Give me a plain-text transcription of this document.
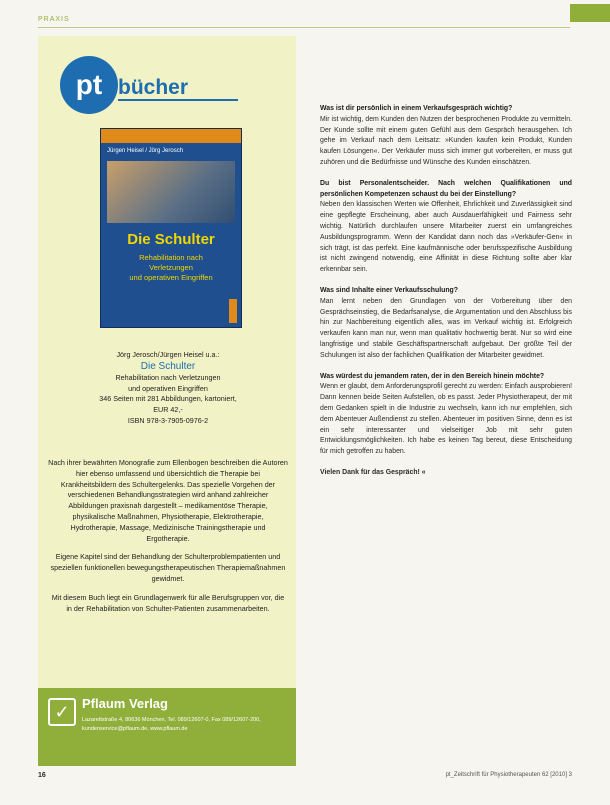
PRAXIS
pt bücher
Jürgen Heisel / Jörg Jerosch
Die Schulter
Rehabilitation nach
Verletzungen
und operativen Eingriffen
Jörg Jerosch/Jürgen Heisel u.a.:
Die Schulter
Rehabilitation nach Verletzungen
und operativen Eingriffen
346 Seiten mit 281 Abbildungen, kartoniert,
EUR 42,-
ISBN 978-3-7905-0976-2

Nach ihrer bewährten Monografie zum Ellenbogen beschreiben die Autoren hier ebenso umfassend und übersichtlich die Therapie bei Krankheitsbildern des Schultergelenks. Das spezielle Vorgehen der verschiedenen Behandlungsstrategien wird anhand zahlreicher Abbildungen praxisnah dargestellt – medikamentöse Therapie, physikalische Maßnahmen, Physiotherapie, Elektrotherapie, Hydrotherapie, Massage, Medizinische Trainingstherapie und Ergotherapie.

Eigene Kapitel sind der Behandlung der Schulterproblempatienten und speziellen funktionellen bewegungstherapeutischen Therapiemaßnahmen gewidmet.

Mit diesem Buch liegt ein Grundlagenwerk für alle Berufsgruppen vor, die in der Rehabilitation von Schulter-Patienten zusammenarbeiten.

✓ Pflaum Verlag
Lazarettstraße 4, 80636 München, Tel. 089/12607-0, Fax 089/12607-200, kundenservice@pflaum.de, www.pflaum.de

Was ist dir persönlich in einem Verkaufsgespräch wichtig?

Mir ist wichtig, dem Kunden den Nutzen der besprochenen Produkte zu vermitteln. Der Kunde sollte mit einem guten Gefühl aus dem Gespräch herausgehen. Ich gehe im Verkauf nach dem Leitsatz: »Kunden kaufen kein Produkt, Kunden kaufen Lösungen«. Der Verkäufer muss sich immer gut vorbereiten, er muss gut zuhören und die Bedürfnisse und Wünsche des Kunden einschätzen.

Du bist Personalentscheider. Nach welchen Qualifikationen und persönlichen Kompetenzen schaust du bei der Einstellung?

Neben den klassischen Werten wie Offenheit, Ehrlichkeit und Zuverlässigkeit sind eine gepflegte Erscheinung, aber auch Ausdauerfähigkeit und Fairness sehr wichtig. Natürlich durchlaufen unsere Mitarbeiter zuerst ein umfangreiches Ausbildungsprogramm. Wenn der Kandidat dann noch das »Verkäufer-Gen« in sich trägt, ist das perfekt. Eine kaufmännische oder berufsspezifische Ausbildung ist nicht zwingend notwendig, eine Affinität in diese Richtung sollte aber klar erkennbar sein.

Was sind Inhalte einer Verkaufsschulung?

Man lernt neben den Grundlagen von der Vorbereitung über den Gesprächseinstieg, die Bedarfsanalyse, die Argumentation und den Abschluss bis hin zur Nachbereitung eigentlich alles, was im Verkauf wichtig ist. Erfolgreich verkaufen kann man nur, wenn man qualitativ hochwertig berät. Nur so wird eine langfristige und stabile Geschäftspartnerschaft aufgebaut. Der größte Teil der Schulungen ist also der fachlichen Qualifikation der Mitarbeiter gewidmet.

Was würdest du jemandem raten, der in den Bereich hinein möchte?

Wenn er glaubt, dem Anforderungsprofil gerecht zu werden: Einfach ausprobieren! Dann kennen beide Seiten Aufstellen, ob es passt. Jeder Physiotherapeut, der mit dem Gedanken spielt in die Industrie zu wechseln, kann ich nur empfehlen, sich dem Abenteuer Außendienst zu stellen. Abenteuer im positiven Sinne, denn es ist ein sehr interessanter und vielseitiger Job mit sehr guten Entwicklungsmöglichkeiten. Ich habe es keinen Tag bereut, diese Entscheidung für mich getroffen zu haben.

Vielen Dank für das Gespräch! «

16	pt_Zeitschrift für Physiotherapeuten 62 [2010] 3
